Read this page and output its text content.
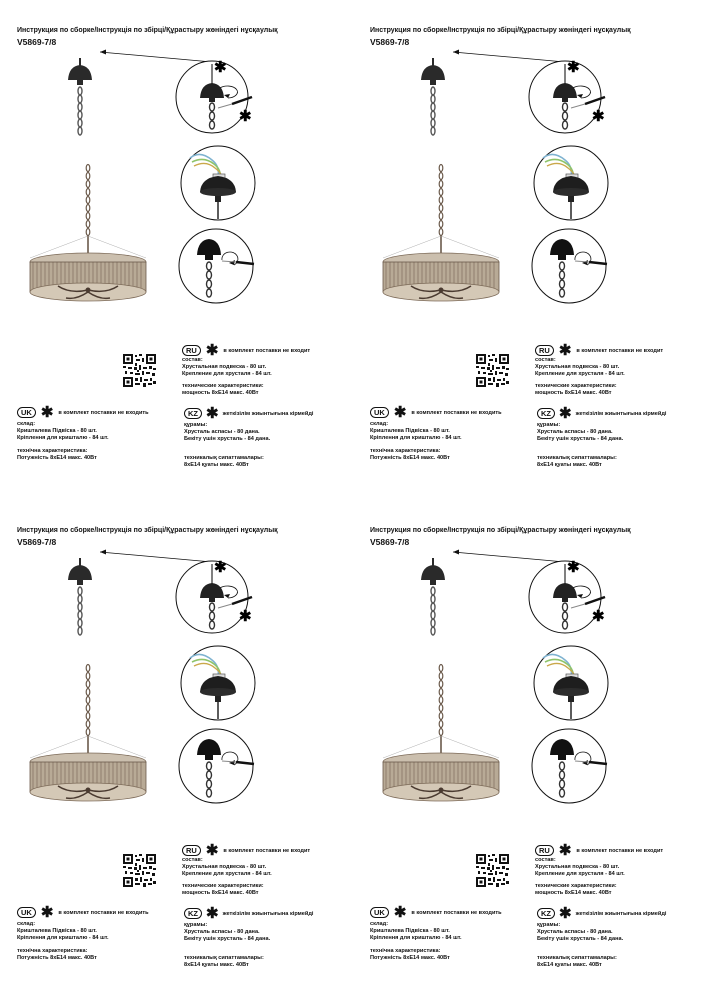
Инструкция по сборке/Інструкція по збірці/Құрастыру жөніндегі нұсқаулық
V5869-7/8
✱
✱
RU ✱ в комплект поставки не входит
состав:
Хрустальная подвеска - 80 шт.
Крепление для хрусталя - 84 шт.
технические характеристики:
мощность 8xE14 макс. 40Вт
UK ✱ в комплект поставки не входить
склад:
Кришталева Підвіска - 80 шт.
Кріплення для кришталю - 84 шт.
технічна характеристика:
Потужність 8xE14 макс. 40Вт
KZ ✱ жеткізілім жиынтығына кірмейді
құрамы:
Хрусталь аспасы - 80 дана.
Бекіту үшін хрусталь - 84 дана.
техникалық сипаттамалары:
8xE14 қуаты макс. 40Вт
Инструкция по сборке/Інструкція по збірці/Құрастыру жөніндегі нұсқаулық
V5869-7/8
✱
✱
RU ✱ в комплект поставки не входит
состав:
Хрустальная подвеска - 80 шт.
Крепление для хрусталя - 84 шт.
технические характеристики:
мощность 8xE14 макс. 40Вт
UK ✱ в комплект поставки не входить
склад:
Кришталева Підвіска - 80 шт.
Кріплення для кришталю - 84 шт.
технічна характеристика:
Потужність 8xE14 макс. 40Вт
KZ ✱ жеткізілім жиынтығына кірмейді
құрамы:
Хрусталь аспасы - 80 дана.
Бекіту үшін хрусталь - 84 дана.
техникалық сипаттамалары:
8xE14 қуаты макс. 40Вт
Инструкция по сборке/Інструкція по збірці/Құрастыру жөніндегі нұсқаулық
V5869-7/8
✱
✱
RU ✱ в комплект поставки не входит
состав:
Хрустальная подвеска - 80 шт.
Крепление для хрусталя - 84 шт.
технические характеристики:
мощность 8xE14 макс. 40Вт
UK ✱ в комплект поставки не входить
склад:
Кришталева Підвіска - 80 шт.
Кріплення для кришталю - 84 шт.
технічна характеристика:
Потужність 8xE14 макс. 40Вт
KZ ✱ жеткізілім жиынтығына кірмейді
құрамы:
Хрусталь аспасы - 80 дана.
Бекіту үшін хрусталь - 84 дана.
техникалық сипаттамалары:
8xE14 қуаты макс. 40Вт
Инструкция по сборке/Інструкція по збірці/Құрастыру жөніндегі нұсқаулық
V5869-7/8
✱
✱
RU ✱ в комплект поставки не входит
состав:
Хрустальная подвеска - 80 шт.
Крепление для хрусталя - 84 шт.
технические характеристики:
мощность 8xE14 макс. 40Вт
UK ✱ в комплект поставки не входить
склад:
Кришталева Підвіска - 80 шт.
Кріплення для кришталю - 84 шт.
технічна характеристика:
Потужність 8xE14 макс. 40Вт
KZ ✱ жеткізілім жиынтығына кірмейді
құрамы:
Хрусталь аспасы - 80 дана.
Бекіту үшін хрусталь - 84 дана.
техникалық сипаттамалары:
8xE14 қуаты макс. 40Вт
